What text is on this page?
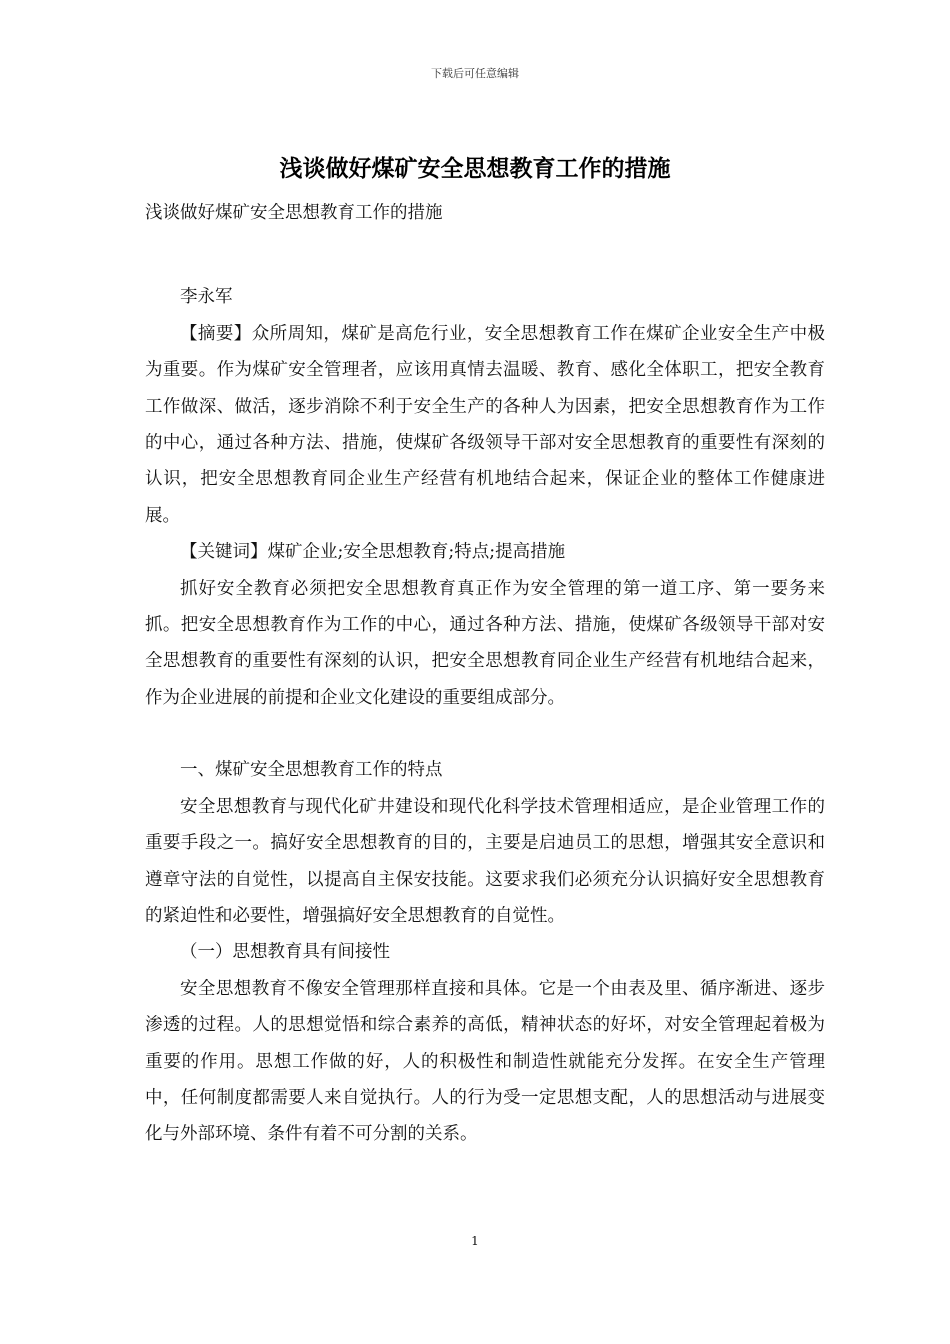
下载后可任意编辑
浅谈做好煤矿安全思想教育工作的措施

浅谈做好煤矿安全思想教育工作的措施

李永军

【摘要】众所周知，煤矿是高危行业，安全思想教育工作在煤矿企业安全生产中极为重要。作为煤矿安全管理者，应该用真情去温暖、教育、感化全体职工，把安全教育工作做深、做活，逐步消除不利于安全生产的各种人为因素，把安全思想教育作为工作的中心，通过各种方法、措施，使煤矿各级领导干部对安全思想教育的重要性有深刻的认识，把安全思想教育同企业生产经营有机地结合起来，保证企业的整体工作健康进展。

【关键词】煤矿企业;安全思想教育;特点;提高措施

抓好安全教育必须把安全思想教育真正作为安全管理的第一道工序、第一要务来抓。把安全思想教育作为工作的中心，通过各种方法、措施，使煤矿各级领导干部对安全思想教育的重要性有深刻的认识，把安全思想教育同企业生产经营有机地结合起来，作为企业进展的前提和企业文化建设的重要组成部分。

一、煤矿安全思想教育工作的特点

安全思想教育与现代化矿井建设和现代化科学技术管理相适应，是企业管理工作的重要手段之一。搞好安全思想教育的目的，主要是启迪员工的思想，增强其安全意识和遵章守法的自觉性，以提高自主保安技能。这要求我们必须充分认识搞好安全思想教育的紧迫性和必要性，增强搞好安全思想教育的自觉性。

（一）思想教育具有间接性

安全思想教育不像安全管理那样直接和具体。它是一个由表及里、循序渐进、逐步渗透的过程。人的思想觉悟和综合素养的高低，精神状态的好坏，对安全管理起着极为重要的作用。思想工作做的好，人的积极性和制造性就能充分发挥。在安全生产管理中，任何制度都需要人来自觉执行。人的行为受一定思想支配，人的思想活动与进展变化与外部环境、条件有着不可分割的关系。

1
